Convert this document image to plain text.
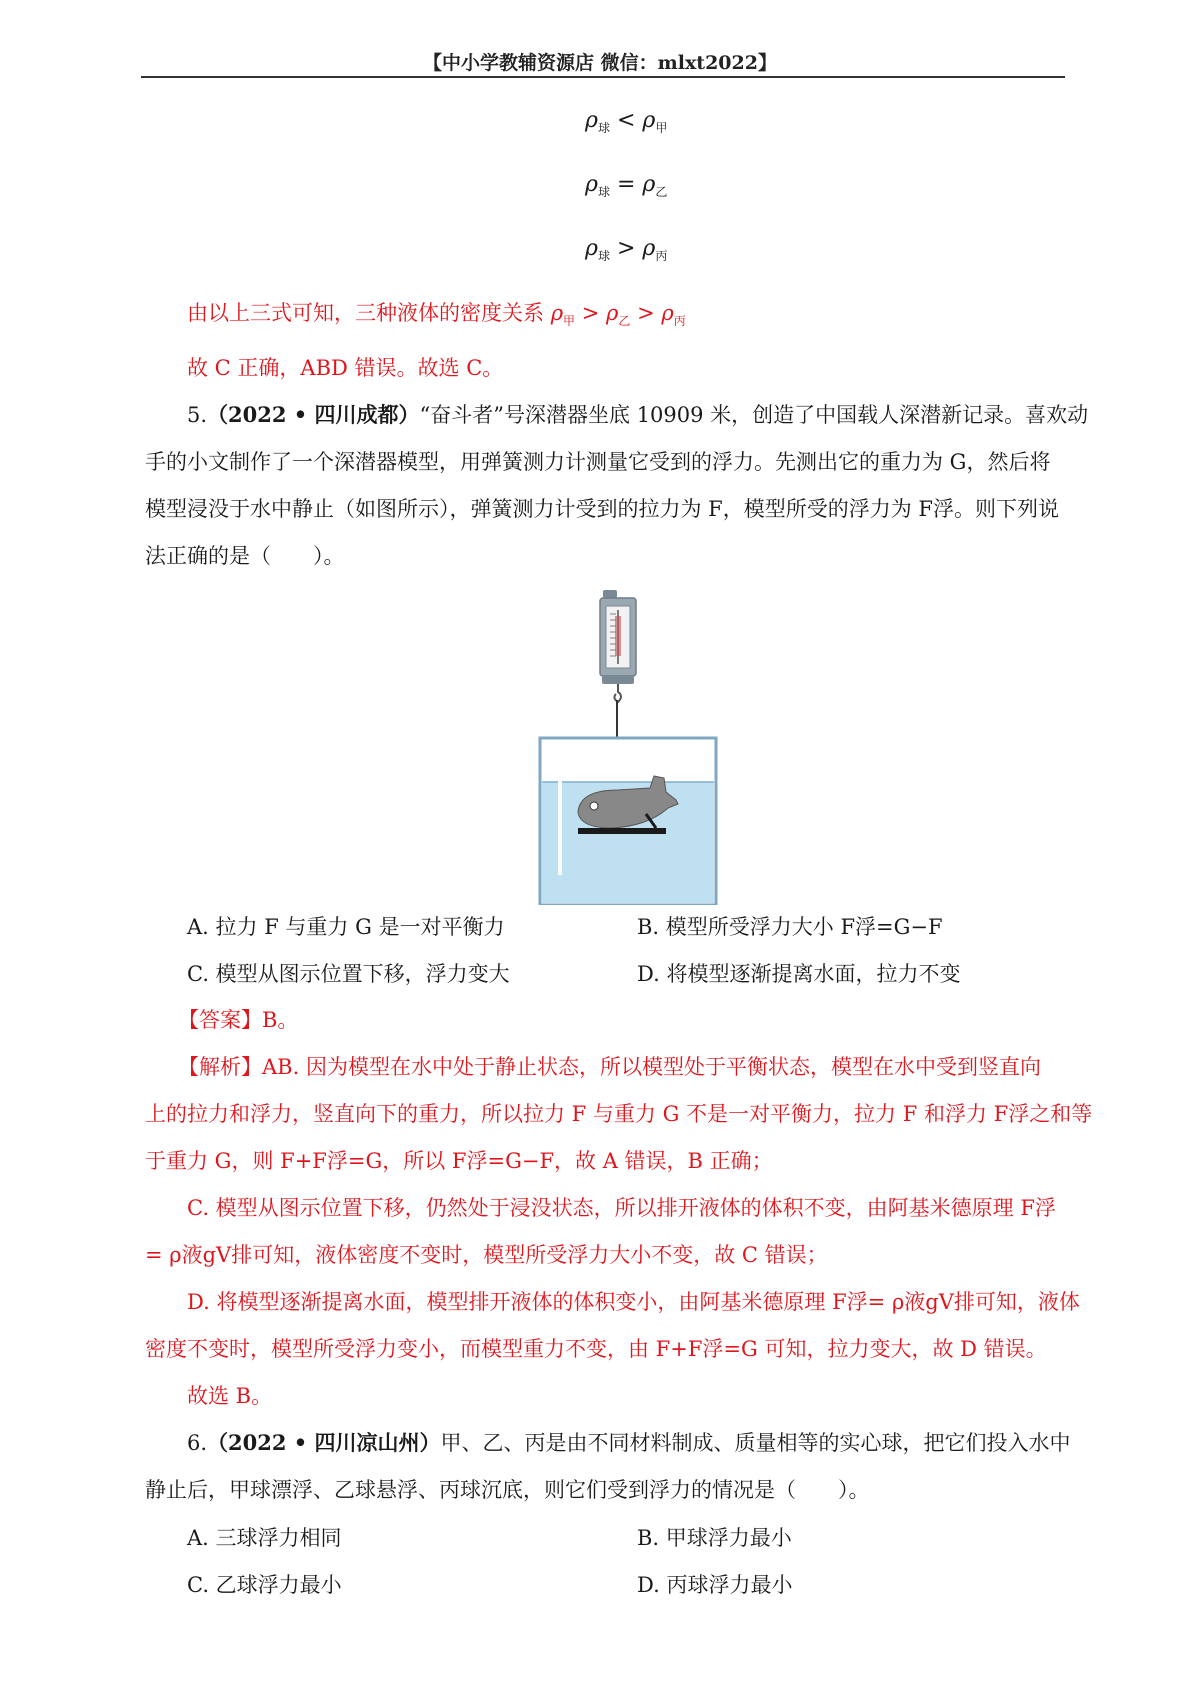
【中小学教辅资源店 微信：mlxt2022】
$\rho_球 < \rho_甲$
$\rho_球 = \rho_乙$
$\rho_球 > \rho_丙$
由以上三式可知，三种液体的密度关系 $\rho_甲 > \rho_乙 > \rho_丙$
故 C 正确，ABD 错误。故选 C。
5.（2022 • 四川成都）“奋斗者”号深潜器坐底 10909 米，创造了中国载人深潜新记录。喜欢动
手的小文制作了一个深潜器模型，用弹簧测力计测量它受到的浮力。先测出它的重力为 G，然后将
模型浸没于水中静止（如图所示），弹簧测力计受到的拉力为 F，模型所受的浮力为 F浮。则下列说
法正确的是（　　）。
A. 拉力 F 与重力 G 是一对平衡力	B. 模型所受浮力大小 F浮=G−F
C. 模型从图示位置下移，浮力变大	D. 将模型逐渐提离水面，拉力不变
【答案】B。
【解析】AB. 因为模型在水中处于静止状态，所以模型处于平衡状态，模型在水中受到竖直向
上的拉力和浮力，竖直向下的重力，所以拉力 F 与重力 G 不是一对平衡力，拉力 F 和浮力 F浮之和等
于重力 G，则 F+F浮=G，所以 F浮=G−F，故 A 错误，B 正确；
C. 模型从图示位置下移，仍然处于浸没状态，所以排开液体的体积不变，由阿基米德原理 F浮
= ρ液gV排可知，液体密度不变时，模型所受浮力大小不变，故 C 错误；
D. 将模型逐渐提离水面，模型排开液体的体积变小，由阿基米德原理 F浮= ρ液gV排可知，液体
密度不变时，模型所受浮力变小，而模型重力不变，由 F+F浮=G 可知，拉力变大，故 D 错误。
故选 B。
6.（2022 • 四川凉山州）甲、乙、丙是由不同材料制成、质量相等的实心球，把它们投入水中
静止后，甲球漂浮、乙球悬浮、丙球沉底，则它们受到浮力的情况是（　　）。
A. 三球浮力相同	B. 甲球浮力最小
C. 乙球浮力最小	D. 丙球浮力最小
